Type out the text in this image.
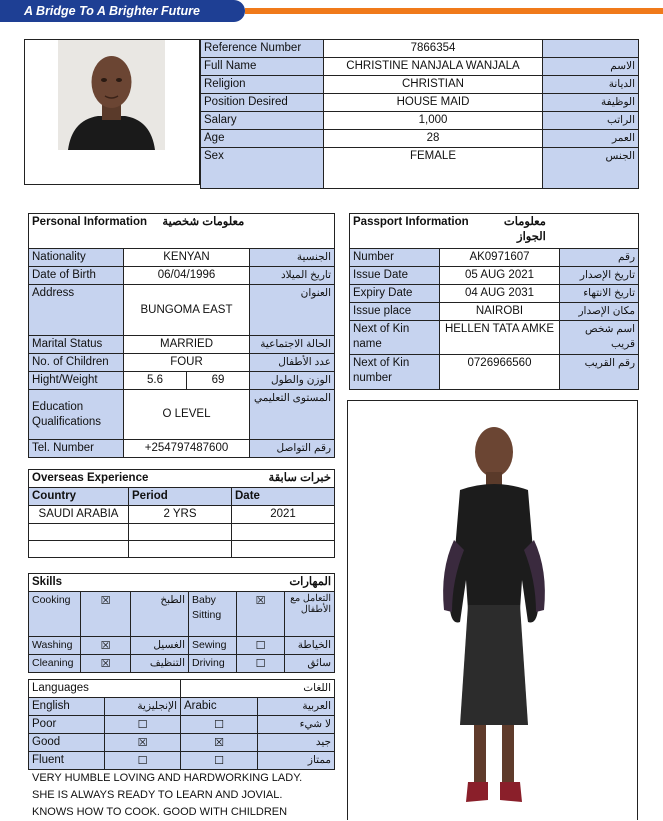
A Bridge To A Brighter Future
Reference Number	7866354	
Full Name	CHRISTINE NANJALA WANJALA	الاسم
Religion	CHRISTIAN	الديانة
Position Desired	HOUSE MAID	الوظيفة
Salary	1,000	الراتب
Age	28	العمر
Sex	FEMALE	الجنس
Personal Information معلومات شخصية			
Nationality	KENYAN		الجنسية
Date of Birth	06/04/1996		تاريخ الميلاد
Address	BUNGOMA EAST		العنوان
Marital Status	MARRIED		الحالة الاجتماعية
No. of Children	FOUR		عدد الأطفال
Hight/Weight	5.6	69	الوزن والطول
Education Qualifications	O LEVEL		المستوى التعليمي
Tel. Number	+254797487600		رقم التواصل
Passport Information معلومات الجواز		
Number	AK0971607	رقم
Issue Date	05 AUG 2021	تاريخ الإصدار
Expiry Date	04 AUG 2031	تاريخ الانتهاء
Issue place	NAIROBI	مكان الإصدار
Next of Kin name	HELLEN TATA AMKE	اسم شخص قريب
Next of Kin number	0726966560	رقم القريب
Overseas Experience خبرات سابقة		

Country	Period	Date
SAUDI ARABIA	2 YRS	2021

Skills المهارات					

Cooking	☒	الطبخ	Baby Sitting	☒	التعامل مع الأطفال
Washing	☒	الغسيل	Sewing	☐	الخياطة
Cleaning	☒	التنظيف	Driving	☐	سائق
Languages		اللغات	
English	الإنجليزية	Arabic	العربية
Poor	☐	☐	لا شيء
Good	☒	☒	جيد
Fluent	☐	☐	ممتاز
VERY HUMBLE LOVING AND HARDWORKING LADY.
SHE IS ALWAYS READY TO LEARN AND JOVIAL.
KNOWS HOW TO COOK. GOOD WITH CHILDREN
